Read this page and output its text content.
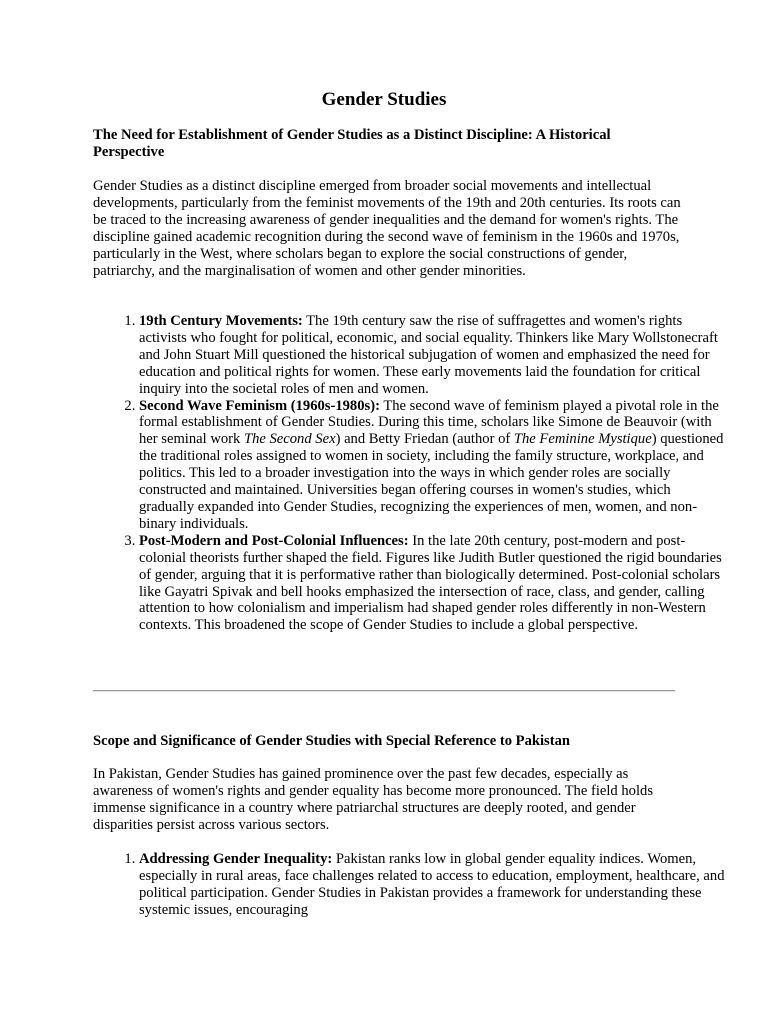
Gender Studies
The Need for Establishment of Gender Studies as a Distinct Discipline: A Historical Perspective
Gender Studies as a distinct discipline emerged from broader social movements and intellectual developments, particularly from the feminist movements of the 19th and 20th centuries. Its roots can be traced to the increasing awareness of gender inequalities and the demand for women's rights. The discipline gained academic recognition during the second wave of feminism in the 1960s and 1970s, particularly in the West, where scholars began to explore the social constructions of gender, patriarchy, and the marginalisation of women and other gender minorities.
1. 19th Century Movements: The 19th century saw the rise of suffragettes and women's rights activists who fought for political, economic, and social equality. Thinkers like Mary Wollstonecraft and John Stuart Mill questioned the historical subjugation of women and emphasized the need for education and political rights for women. These early movements laid the foundation for critical inquiry into the societal roles of men and women.
2. Second Wave Feminism (1960s-1980s): The second wave of feminism played a pivotal role in the formal establishment of Gender Studies. During this time, scholars like Simone de Beauvoir (with her seminal work The Second Sex) and Betty Friedan (author of The Feminine Mystique) questioned the traditional roles assigned to women in society, including the family structure, workplace, and politics. This led to a broader investigation into the ways in which gender roles are socially constructed and maintained. Universities began offering courses in women's studies, which gradually expanded into Gender Studies, recognizing the experiences of men, women, and non-binary individuals.
3. Post-Modern and Post-Colonial Influences: In the late 20th century, post-modern and post-colonial theorists further shaped the field. Figures like Judith Butler questioned the rigid boundaries of gender, arguing that it is performative rather than biologically determined. Post-colonial scholars like Gayatri Spivak and bell hooks emphasized the intersection of race, class, and gender, calling attention to how colonialism and imperialism had shaped gender roles differently in non-Western contexts. This broadened the scope of Gender Studies to include a global perspective.
Scope and Significance of Gender Studies with Special Reference to Pakistan
In Pakistan, Gender Studies has gained prominence over the past few decades, especially as awareness of women's rights and gender equality has become more pronounced. The field holds immense significance in a country where patriarchal structures are deeply rooted, and gender disparities persist across various sectors.
1. Addressing Gender Inequality: Pakistan ranks low in global gender equality indices. Women, especially in rural areas, face challenges related to access to education, employment, healthcare, and political participation. Gender Studies in Pakistan provides a framework for understanding these systemic issues, encouraging
